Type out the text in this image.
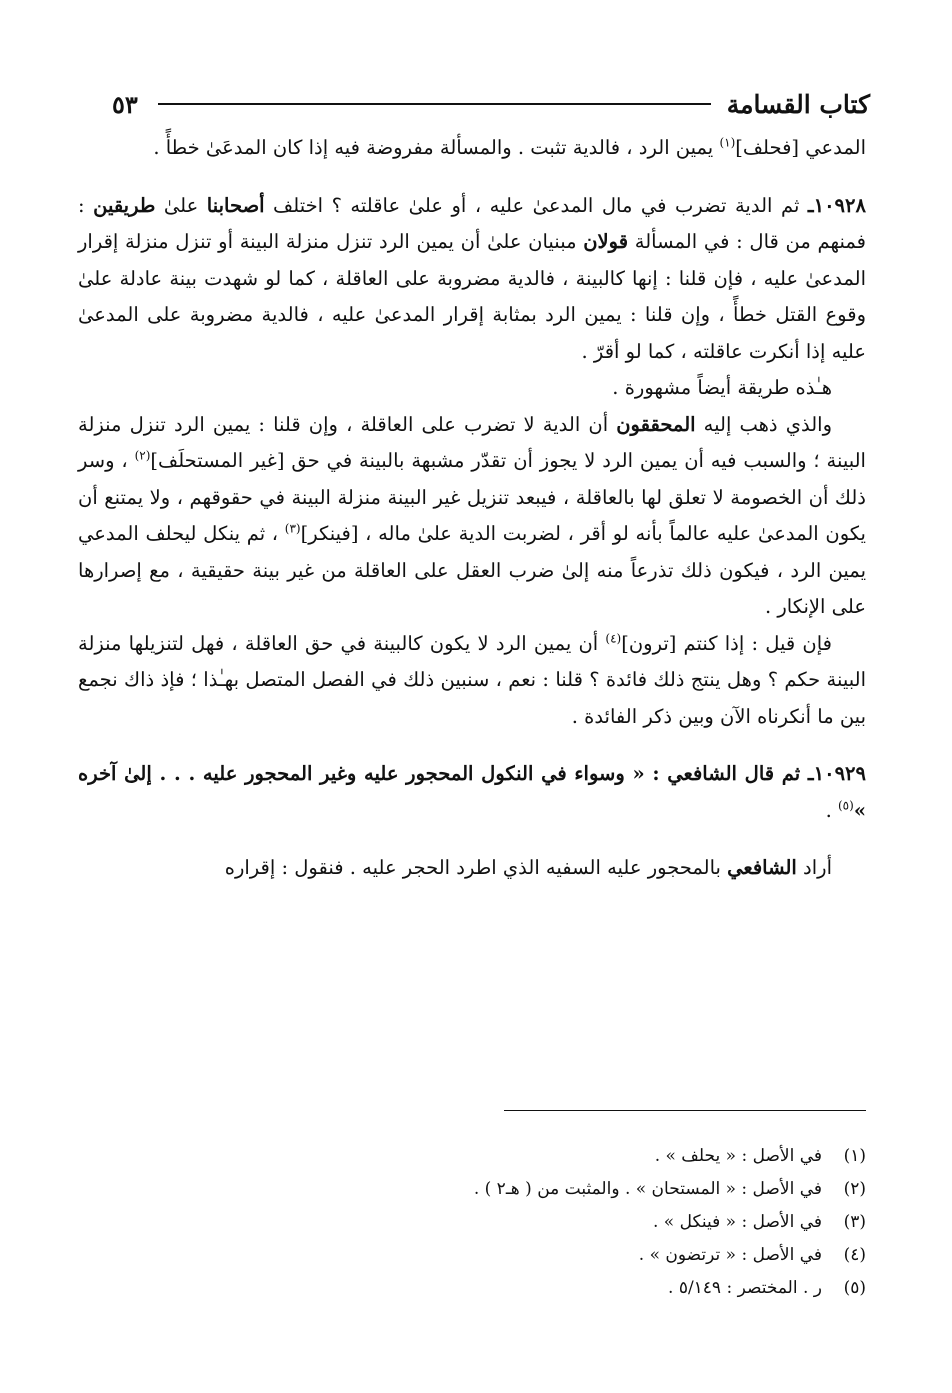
كتاب القسامة
٥٣

المدعي [فحلف]$^{(١)}$ يمين الرد ، فالدية تثبت . والمسألة مفروضة فيه إذا كان المدعَىٰ خطأً .

١٠٩٢٨ـ ثم الدية تضرب في مال المدعىٰ عليه ، أو علىٰ عاقلته ؟ اختلف أصحابنا علىٰ طريقين : فمنهم من قال : في المسألة قولان مبنيان علىٰ أن يمين الرد تنزل منزلة البينة أو تنزل منزلة إقرار المدعىٰ عليه ، فإن قلنا : إنها كالبينة ، فالدية مضروبة على العاقلة ، كما لو شهدت بينة عادلة علىٰ وقوع القتل خطأً ، وإن قلنا : يمين الرد بمثابة إقرار المدعىٰ عليه ، فالدية مضروبة على المدعىٰ عليه إذا أنكرت عاقلته ، كما لو أقرّ .

هـٰذه طريقة أيضاً مشهورة .

والذي ذهب إليه المحققون أن الدية لا تضرب على العاقلة ، وإن قلنا : يمين الرد تنزل منزلة البينة ؛ والسبب فيه أن يمين الرد لا يجوز أن تقدّر مشبهة بالبينة في حق [غير المستحلَف]$^{(٢)}$ ، وسر ذلك أن الخصومة لا تعلق لها بالعاقلة ، فيبعد تنزيل غير البينة منزلة البينة في حقوقهم ، ولا يمتنع أن يكون المدعىٰ عليه عالماً بأنه لو أقر ، لضربت الدية علىٰ ماله ، [فينكر]$^{(٣)}$ ، ثم ينكل ليحلف المدعي يمين الرد ، فيكون ذلك تذرعاً منه إلىٰ ضرب العقل على العاقلة من غير بينة حقيقية ، مع إصرارها على الإنكار .

فإن قيل : إذا كنتم [ترون]$^{(٤)}$ أن يمين الرد لا يكون كالبينة في حق العاقلة ، فهل لتنزيلها منزلة البينة حكم ؟ وهل ينتج ذلك فائدة ؟ قلنا : نعم ، سنبين ذلك في الفصل المتصل بهـٰذا ؛ فإذ ذاك نجمع بين ما أنكرناه الآن وبين ذكر الفائدة .

١٠٩٢٩ـ ثم قال الشافعي : « وسواء في النكول المحجور عليه وغير المحجور عليه . . . إلىٰ آخره »$^{(٥)}$ .

أراد الشافعي بالمحجور عليه السفيه الذي اطرد الحجر عليه . فنقول : إقراره

(١)
في الأصل : « يحلف » .
(٢)
في الأصل : « المستحان » . والمثبت من ( هـ٢ ) .
(٣)
في الأصل : « فينكل » .
(٤)
في الأصل : « ترتضون » .
(٥)
ر . المختصر : ٥/١٤٩ .
